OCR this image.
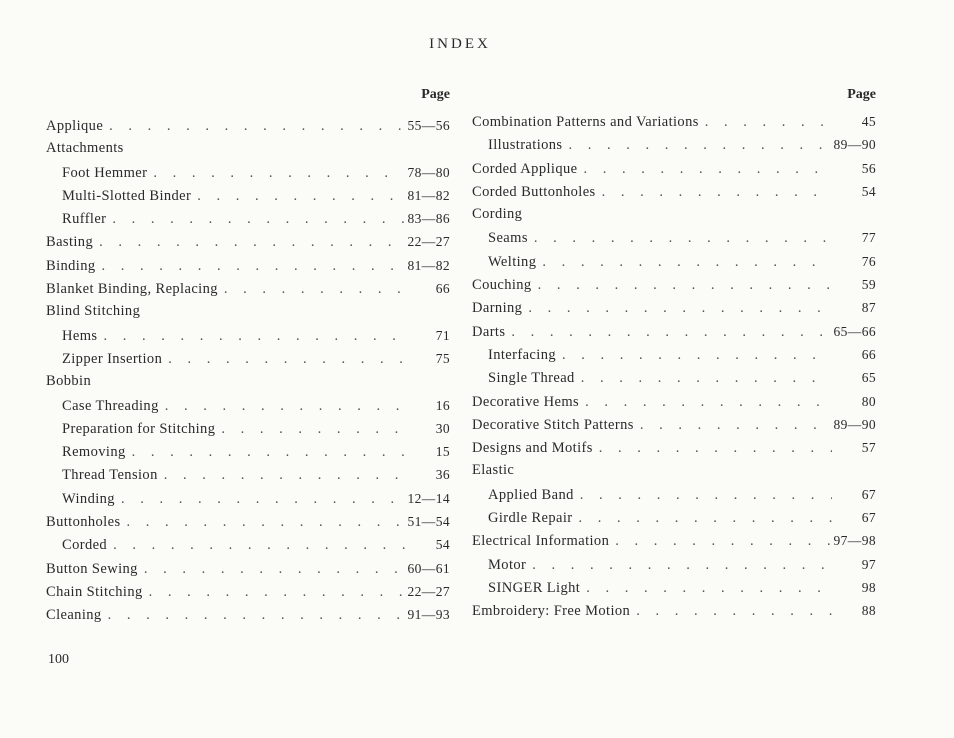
INDEX
Page
Applique . . .	55—56
Attachments
Foot Hemmer . . .	78—80
Multi-Slotted Binder . . .	81—82
Ruffler . . .	83—86
Basting . . .	22—27
Binding . . .	81—82
Blanket Binding, Replacing . . .	66
Blind Stitching
Hems . . .	71
Zipper Insertion . . .	75
Bobbin
Case Threading . . .	16
Preparation for Stitching . . .	30
Removing . . .	15
Thread Tension . . .	36
Winding . . .	12—14
Buttonholes . . .	51—54
Corded . . .	54
Button Sewing . . .	60—61
Chain Stitching . . .	22—27
Cleaning . . .	91—93
Page
Combination Patterns and Variations . . .	45
Illustrations . . .	89—90
Corded Applique . . .	56
Corded Buttonholes . . .	54
Cording
Seams . . .	77
Welting . . .	76
Couching . . .	59
Darning . . .	87
Darts . . .	65—66
Interfacing . . .	66
Single Thread . . .	65
Decorative Hems . . .	80
Decorative Stitch Patterns . . .	89—90
Designs and Motifs . . .	57
Elastic
Applied Band . . .	67
Girdle Repair . . .	67
Electrical Information . . .	97—98
Motor . . .	97
SINGER Light . . .	98
Embroidery: Free Motion . . .	88
100
